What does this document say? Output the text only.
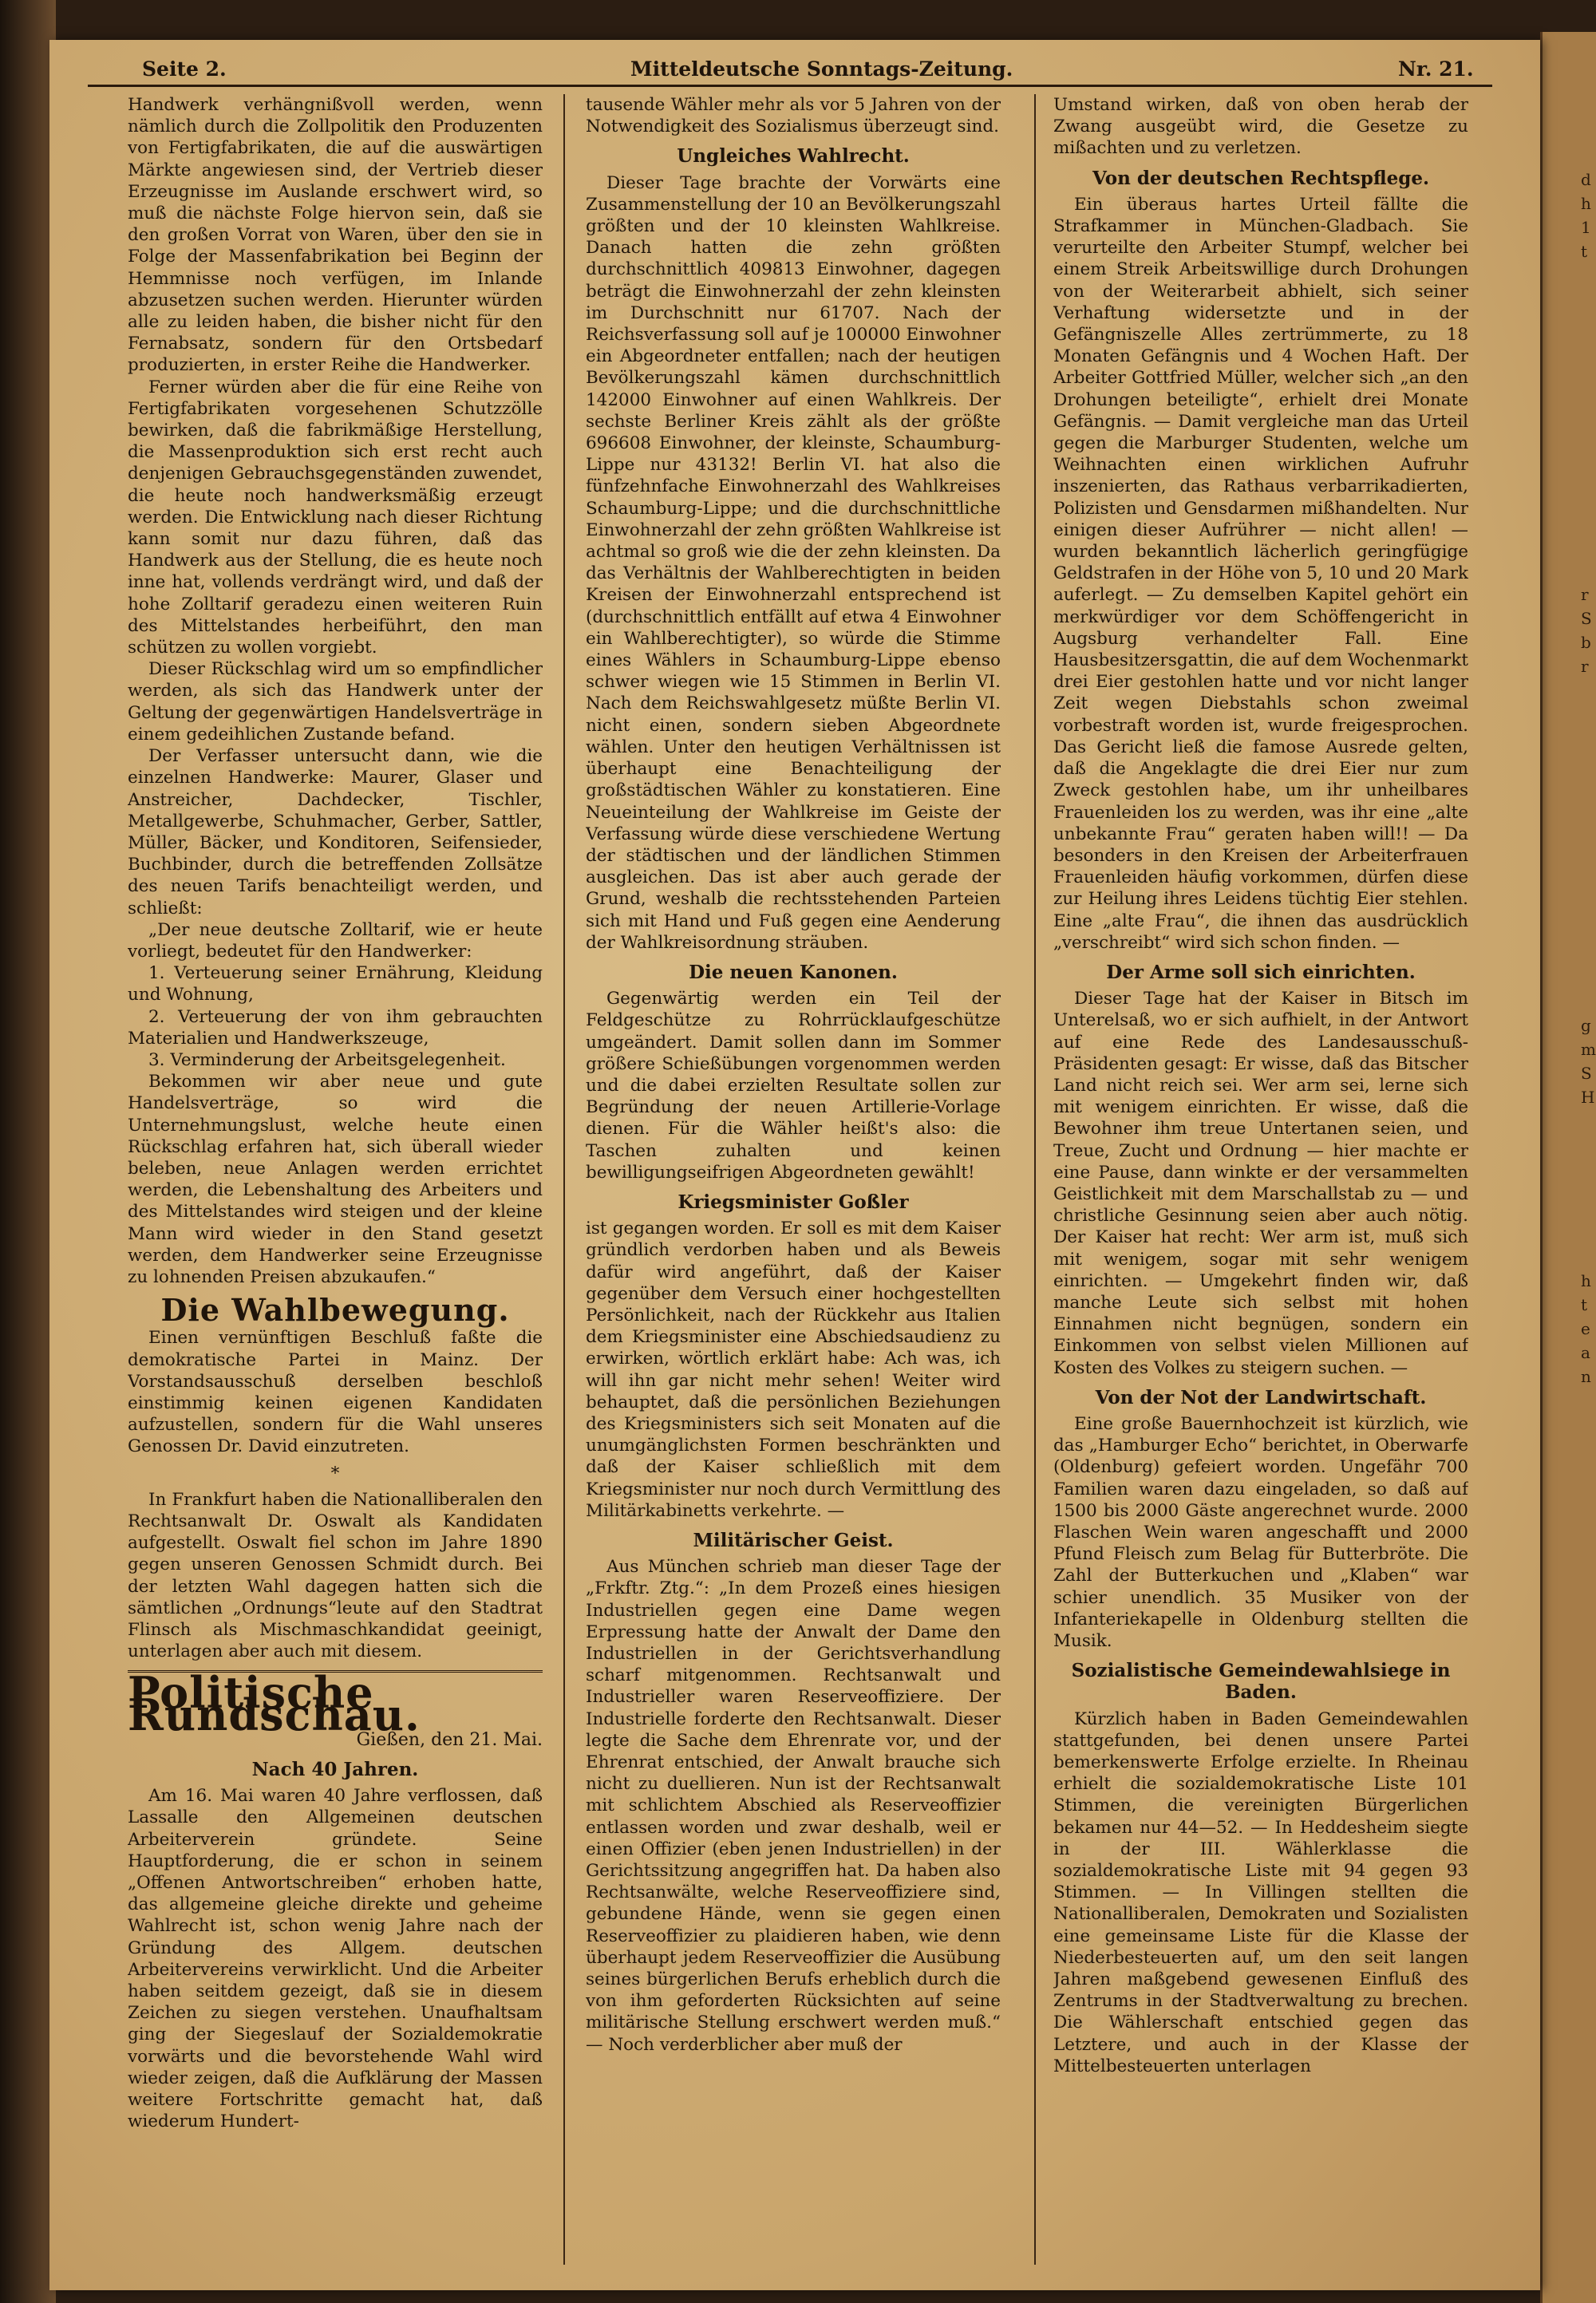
d
h
1
t
r
S
b
r
g
m
S
H
h
t
e
a
n
Seite 2.	Mitteldeutsche Sonntags-Zeitung.	Nr. 21.

Handwerk verhängnißvoll werden, wenn nämlich durch die Zollpolitik den Produzenten von Fertigfabrikaten, die auf die auswärtigen Märkte angewiesen sind, der Vertrieb dieser Erzeugnisse im Auslande erschwert wird, so muß die nächste Folge hiervon sein, daß sie den großen Vorrat von Waren, über den sie in Folge der Massenfabrikation bei Beginn der Hemmnisse noch verfügen, im Inlande abzusetzen suchen werden. Hierunter würden alle zu leiden haben, die bisher nicht für den Fernabsatz, sondern für den Ortsbedarf produzierten, in erster Reihe die Handwerker.

Ferner würden aber die für eine Reihe von Fertigfabrikaten vorgesehenen Schutzzölle bewirken, daß die fabrikmäßige Herstellung, die Massenproduktion sich erst recht auch denjenigen Gebrauchsgegenständen zuwendet, die heute noch handwerksmäßig erzeugt werden. Die Entwicklung nach dieser Richtung kann somit nur dazu führen, daß das Handwerk aus der Stellung, die es heute noch inne hat, vollends verdrängt wird, und daß der hohe Zolltarif geradezu einen weiteren Ruin des Mittelstandes herbeiführt, den man schützen zu wollen vorgiebt.

Dieser Rückschlag wird um so empfindlicher werden, als sich das Handwerk unter der Geltung der gegenwärtigen Handelsverträge in einem gedeihlichen Zustande befand.

Der Verfasser untersucht dann, wie die einzelnen Handwerke: Maurer, Glaser und Anstreicher, Dachdecker, Tischler, Metallgewerbe, Schuhmacher, Gerber, Sattler, Müller, Bäcker, und Konditoren, Seifensieder, Buchbinder, durch die betreffenden Zollsätze des neuen Tarifs benachteiligt werden, und schließt:

„Der neue deutsche Zolltarif, wie er heute vorliegt, bedeutet für den Handwerker:

1. Verteuerung seiner Ernährung, Kleidung und Wohnung,

2. Verteuerung der von ihm gebrauchten Materialien und Handwerkszeuge,

3. Verminderung der Arbeitsgelegenheit.

Bekommen wir aber neue und gute Handelsverträge, so wird die Unternehmungslust, welche heute einen Rückschlag erfahren hat, sich überall wieder beleben, neue Anlagen werden errichtet werden, die Lebenshaltung des Arbeiters und des Mittelstandes wird steigen und der kleine Mann wird wieder in den Stand gesetzt werden, dem Handwerker seine Erzeugnisse zu lohnenden Preisen abzukaufen.“

Die Wahlbewegung.

Einen vernünftigen Beschluß faßte die demokratische Partei in Mainz. Der Vorstandsausschuß derselben beschloß einstimmig keinen eigenen Kandidaten aufzustellen, sondern für die Wahl unseres Genossen Dr. David einzutreten.

*

In Frankfurt haben die Nationalliberalen den Rechtsanwalt Dr. Oswalt als Kandidaten aufgestellt. Oswalt fiel schon im Jahre 1890 gegen unseren Genossen Schmidt durch. Bei der letzten Wahl dagegen hatten sich die sämtlichen „Ordnungs“leute auf den Stadtrat Flinsch als Mischmaschkandidat geeinigt, unterlagen aber auch mit diesem.

Politische Rundschau.
Gießen, den 21. Mai.
Nach 40 Jahren.

Am 16. Mai waren 40 Jahre verflossen, daß Lassalle den Allgemeinen deutschen Arbeiterverein gründete. Seine Hauptforderung, die er schon in seinem „Offenen Antwortschreiben“ erhoben hatte, das allgemeine gleiche direkte und geheime Wahlrecht ist, schon wenig Jahre nach der Gründung des Allgem. deutschen Arbeitervereins verwirklicht. Und die Arbeiter haben seitdem gezeigt, daß sie in diesem Zeichen zu siegen verstehen. Unaufhaltsam ging der Siegeslauf der Sozialdemokratie vorwärts und die bevorstehende Wahl wird wieder zeigen, daß die Aufklärung der Massen weitere Fortschritte gemacht hat, daß wiederum Hundert-

tausende Wähler mehr als vor 5 Jahren von der Notwendigkeit des Sozialismus überzeugt sind.

Ungleiches Wahlrecht.

Dieser Tage brachte der Vorwärts eine Zusammenstellung der 10 an Bevölkerungszahl größten und der 10 kleinsten Wahlkreise. Danach hatten die zehn größten durchschnittlich 409813 Einwohner, dagegen beträgt die Einwohnerzahl der zehn kleinsten im Durchschnitt nur 61707. Nach der Reichsverfassung soll auf je 100000 Einwohner ein Abgeordneter entfallen; nach der heutigen Bevölkerungszahl kämen durchschnittlich 142000 Einwohner auf einen Wahlkreis. Der sechste Berliner Kreis zählt als der größte 696608 Einwohner, der kleinste, Schaumburg-Lippe nur 43132! Berlin VI. hat also die fünfzehnfache Einwohnerzahl des Wahlkreises Schaumburg-Lippe; und die durchschnittliche Einwohnerzahl der zehn größten Wahlkreise ist achtmal so groß wie die der zehn kleinsten. Da das Verhältnis der Wahlberechtigten in beiden Kreisen der Einwohnerzahl entsprechend ist (durchschnittlich entfällt auf etwa 4 Einwohner ein Wahlberechtigter), so würde die Stimme eines Wählers in Schaumburg-Lippe ebenso schwer wiegen wie 15 Stimmen in Berlin VI. Nach dem Reichswahlgesetz müßte Berlin VI. nicht einen, sondern sieben Abgeordnete wählen. Unter den heutigen Verhältnissen ist überhaupt eine Benachteiligung der großstädtischen Wähler zu konstatieren. Eine Neueinteilung der Wahlkreise im Geiste der Verfassung würde diese verschiedene Wertung der städtischen und der ländlichen Stimmen ausgleichen. Das ist aber auch gerade der Grund, weshalb die rechtsstehenden Parteien sich mit Hand und Fuß gegen eine Aenderung der Wahlkreisordnung sträuben.

Die neuen Kanonen.

Gegenwärtig werden ein Teil der Feldgeschütze zu Rohrrücklaufgeschütze umgeändert. Damit sollen dann im Sommer größere Schießübungen vorgenommen werden und die dabei erzielten Resultate sollen zur Begründung der neuen Artillerie-Vorlage dienen. Für die Wähler heißt's also: die Taschen zuhalten und keinen bewilligungseifrigen Abgeordneten gewählt!

Kriegsminister Goßler

ist gegangen worden. Er soll es mit dem Kaiser gründlich verdorben haben und als Beweis dafür wird angeführt, daß der Kaiser gegenüber dem Versuch einer hochgestellten Persönlichkeit, nach der Rückkehr aus Italien dem Kriegsminister eine Abschiedsaudienz zu erwirken, wörtlich erklärt habe: Ach was, ich will ihn gar nicht mehr sehen! Weiter wird behauptet, daß die persönlichen Beziehungen des Kriegsministers sich seit Monaten auf die unumgänglichsten Formen beschränkten und daß der Kaiser schließlich mit dem Kriegsminister nur noch durch Vermittlung des Militärkabinetts verkehrte. —

Militärischer Geist.

Aus München schrieb man dieser Tage der „Frkftr. Ztg.“: „In dem Prozeß eines hiesigen Industriellen gegen eine Dame wegen Erpressung hatte der Anwalt der Dame den Industriellen in der Gerichtsverhandlung scharf mitgenommen. Rechtsanwalt und Industrieller waren Reserveoffiziere. Der Industrielle forderte den Rechtsanwalt. Dieser legte die Sache dem Ehrenrate vor, und der Ehrenrat entschied, der Anwalt brauche sich nicht zu duellieren. Nun ist der Rechtsanwalt mit schlichtem Abschied als Reserveoffizier entlassen worden und zwar deshalb, weil er einen Offizier (eben jenen Industriellen) in der Gerichtssitzung angegriffen hat. Da haben also Rechtsanwälte, welche Reserveoffiziere sind, gebundene Hände, wenn sie gegen einen Reserveoffizier zu plaidieren haben, wie denn überhaupt jedem Reserveoffizier die Ausübung seines bürgerlichen Berufs erheblich durch die von ihm geforderten Rücksichten auf seine militärische Stellung erschwert werden muß.“ — Noch verderblicher aber muß der

Umstand wirken, daß von oben herab der Zwang ausgeübt wird, die Gesetze zu mißachten und zu verletzen.

Von der deutschen Rechtspflege.

Ein überaus hartes Urteil fällte die Strafkammer in München-Gladbach. Sie verurteilte den Arbeiter Stumpf, welcher bei einem Streik Arbeitswillige durch Drohungen von der Weiterarbeit abhielt, sich seiner Verhaftung widersetzte und in der Gefängniszelle Alles zertrümmerte, zu 18 Monaten Gefängnis und 4 Wochen Haft. Der Arbeiter Gottfried Müller, welcher sich „an den Drohungen beteiligte“, erhielt drei Monate Gefängnis. — Damit vergleiche man das Urteil gegen die Marburger Studenten, welche um Weihnachten einen wirklichen Aufruhr inszenierten, das Rathaus verbarrikadierten, Polizisten und Gensdarmen mißhandelten. Nur einigen dieser Aufrührer — nicht allen! — wurden bekanntlich lächerlich geringfügige Geldstrafen in der Höhe von 5, 10 und 20 Mark auferlegt. — Zu demselben Kapitel gehört ein merkwürdiger vor dem Schöffengericht in Augsburg verhandelter Fall. Eine Hausbesitzersgattin, die auf dem Wochenmarkt drei Eier gestohlen hatte und vor nicht langer Zeit wegen Diebstahls schon zweimal vorbestraft worden ist, wurde freigesprochen. Das Gericht ließ die famose Ausrede gelten, daß die Angeklagte die drei Eier nur zum Zweck gestohlen habe, um ihr unheilbares Frauenleiden los zu werden, was ihr eine „alte unbekannte Frau“ geraten haben will!! — Da besonders in den Kreisen der Arbeiterfrauen Frauenleiden häufig vorkommen, dürfen diese zur Heilung ihres Leidens tüchtig Eier stehlen. Eine „alte Frau“, die ihnen das ausdrücklich „verschreibt“ wird sich schon finden. —

Der Arme soll sich einrichten.

Dieser Tage hat der Kaiser in Bitsch im Unterelsaß, wo er sich aufhielt, in der Antwort auf eine Rede des Landesausschuß-Präsidenten gesagt: Er wisse, daß das Bitscher Land nicht reich sei. Wer arm sei, lerne sich mit wenigem einrichten. Er wisse, daß die Bewohner ihm treue Untertanen seien, und Treue, Zucht und Ordnung — hier machte er eine Pause, dann winkte er der versammelten Geistlichkeit mit dem Marschallstab zu — und christliche Gesinnung seien aber auch nötig. Der Kaiser hat recht: Wer arm ist, muß sich mit wenigem, sogar mit sehr wenigem einrichten. — Umgekehrt finden wir, daß manche Leute sich selbst mit hohen Einnahmen nicht begnügen, sondern ein Einkommen von selbst vielen Millionen auf Kosten des Volkes zu steigern suchen. —

Von der Not der Landwirtschaft.

Eine große Bauernhochzeit ist kürzlich, wie das „Hamburger Echo“ berichtet, in Oberwarfe (Oldenburg) gefeiert worden. Ungefähr 700 Familien waren dazu eingeladen, so daß auf 1500 bis 2000 Gäste angerechnet wurde. 2000 Flaschen Wein waren angeschafft und 2000 Pfund Fleisch zum Belag für Butterbröte. Die Zahl der Butterkuchen und „Klaben“ war schier unendlich. 35 Musiker von der Infanteriekapelle in Oldenburg stellten die Musik.

Sozialistische Gemeindewahlsiege in Baden.

Kürzlich haben in Baden Gemeindewahlen stattgefunden, bei denen unsere Partei bemerkenswerte Erfolge erzielte. In Rheinau erhielt die sozialdemokratische Liste 101 Stimmen, die vereinigten Bürgerlichen bekamen nur 44—52. — In Heddesheim siegte in der III. Wählerklasse die sozialdemokratische Liste mit 94 gegen 93 Stimmen. — In Villingen stellten die Nationalliberalen, Demokraten und Sozialisten eine gemeinsame Liste für die Klasse der Niederbesteuerten auf, um den seit langen Jahren maßgebend gewesenen Einfluß des Zentrums in der Stadtverwaltung zu brechen. Die Wählerschaft entschied gegen das Letztere, und auch in der Klasse der Mittelbesteuerten unterlagen
